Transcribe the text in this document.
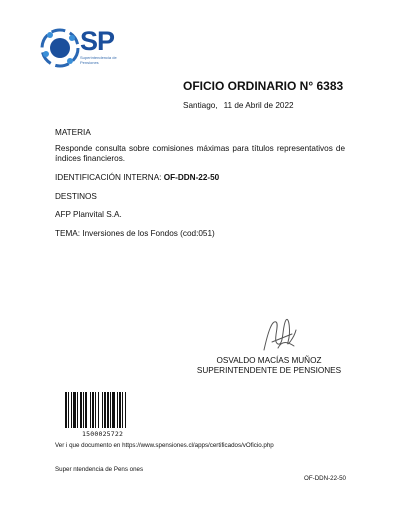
SP
Superintendencia de Pensiones
OFICIO ORDINARIO N° 6383
Santiago, 11 de Abril de 2022
MATERIA
Responde consulta sobre comisiones máximas para títulos representativos de índices financieros.
IDENTIFICACIÓN INTERNA: OF-DDN-22-50
DESTINOS
AFP Planvital S.A.
TEMA: Inversiones de los Fondos (cod:051)
OSVALDO MACÍAS MUÑOZ
SUPERINTENDENTE DE PENSIONES
1500025722
Ver i que documento en https://www.spensiones.cl/apps/certificados/vOficio.php
Super ntendencia de Pens ones
OF-DDN-22-50
